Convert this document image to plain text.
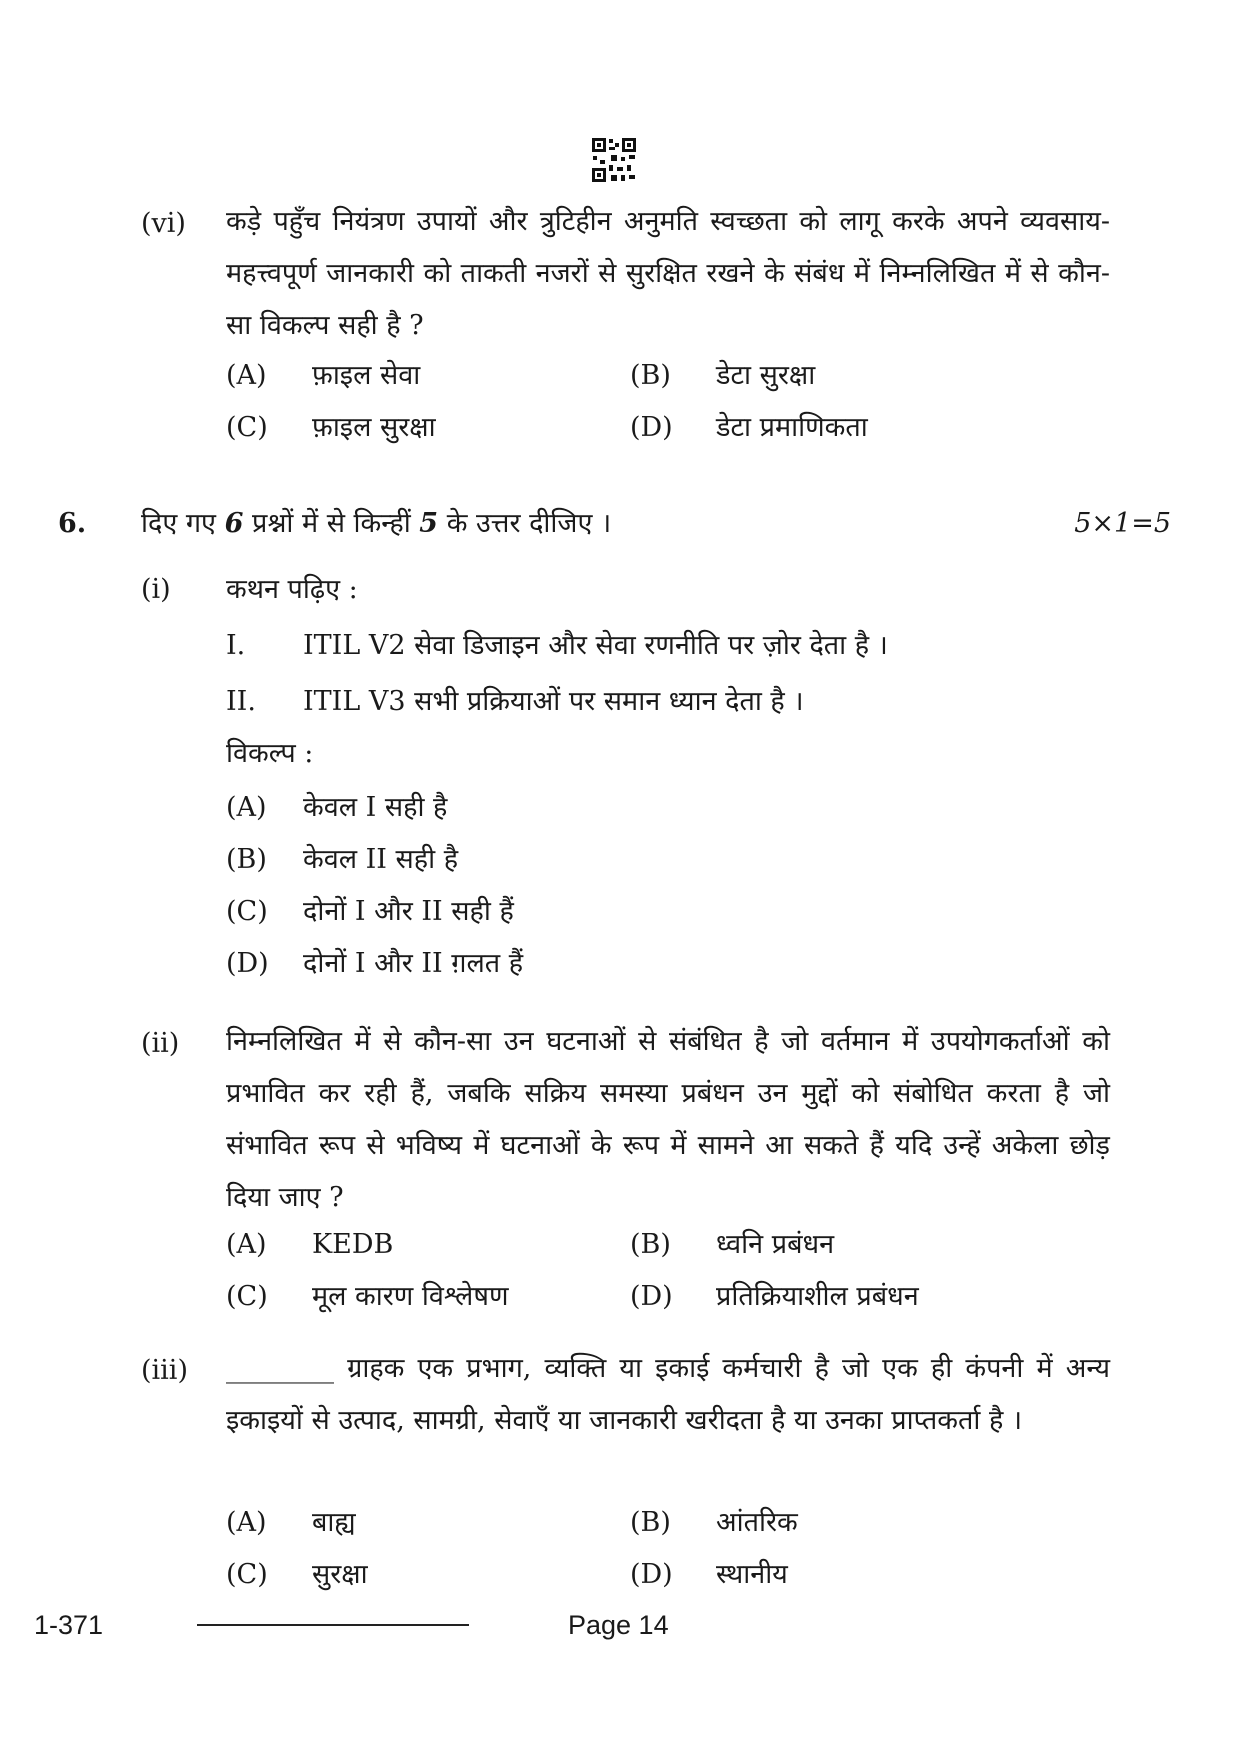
(vi) कड़े पहुँच नियंत्रण उपायों और त्रुटिहीन अनुमति स्वच्छता को लागू करके अपने व्यवसाय-महत्त्वपूर्ण जानकारी को ताकती नजरों से सुरक्षित रखने के संबंध में निम्नलिखित में से कौन-सा विकल्प सही है ?
(A) फ़ाइल सेवा	(B) डेटा सुरक्षा
(C) फ़ाइल सुरक्षा	(D) डेटा प्रमाणिकता
6. दिए गए 6 प्रश्नों में से किन्हीं 5 के उत्तर दीजिए ।	5×1=5
(i) कथन पढ़िए :
I. ITIL V2 सेवा डिजाइन और सेवा रणनीति पर ज़ोर देता है ।
II. ITIL V3 सभी प्रक्रियाओं पर समान ध्यान देता है ।
विकल्प :
(A) केवल I सही है
(B) केवल II सही है
(C) दोनों I और II सही हैं
(D) दोनों I और II ग़लत हैं
(ii) निम्नलिखित में से कौन-सा उन घटनाओं से संबंधित है जो वर्तमान में उपयोगकर्ताओं को प्रभावित कर रही हैं, जबकि सक्रिय समस्या प्रबंधन उन मुद्दों को संबोधित करता है जो संभावित रूप से भविष्य में घटनाओं के रूप में सामने आ सकते हैं यदि उन्हें अकेला छोड़ दिया जाए ?
(A) KEDB	(B) ध्वनि प्रबंधन
(C) मूल कारण विश्लेषण	(D) प्रतिक्रियाशील प्रबंधन
(iii) ________ ग्राहक एक प्रभाग, व्यक्ति या इकाई कर्मचारी है जो एक ही कंपनी में अन्य इकाइयों से उत्पाद, सामग्री, सेवाएँ या जानकारी खरीदता है या उनका प्राप्तकर्ता है ।
(A) बाह्य	(B) आंतरिक
(C) सुरक्षा	(D) स्थानीय
1-371	Page 14
